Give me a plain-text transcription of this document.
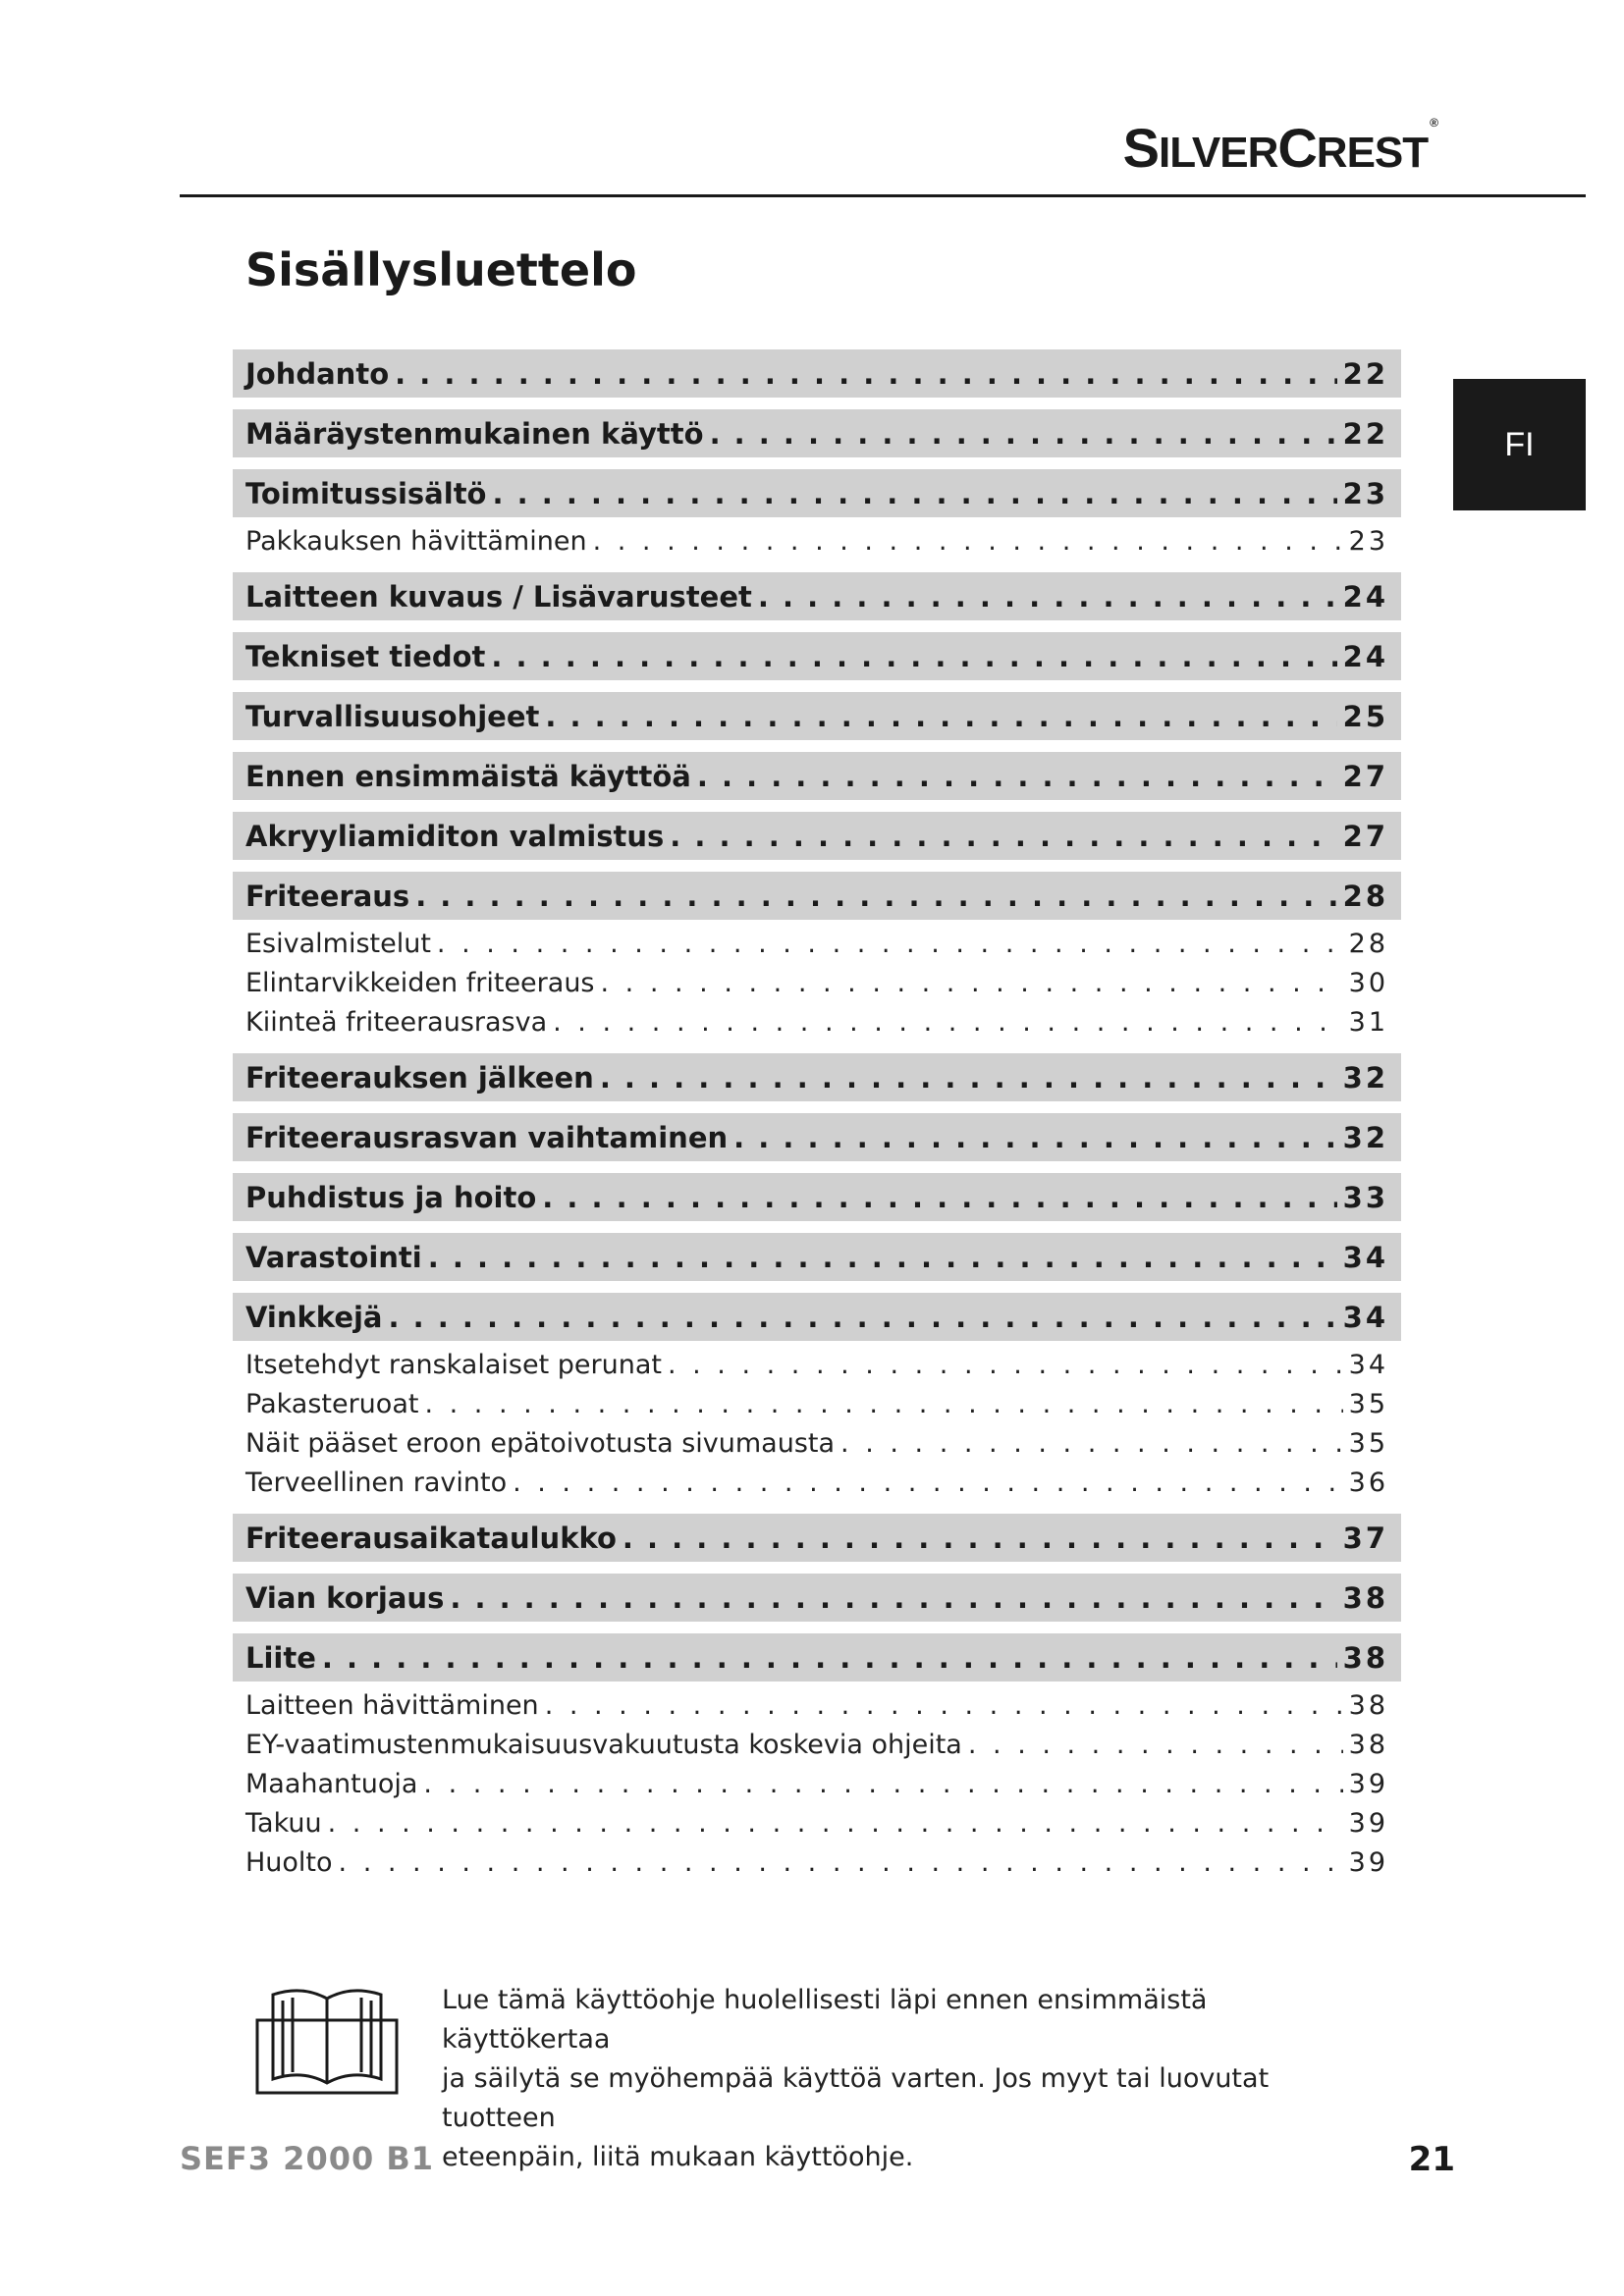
SILVERCREST®
FI
Sisällysluettelo
Johdanto . . .	22
Määräystenmukainen käyttö . . .	22
Toimitussisältö . . .	23
Pakkauksen hävittäminen . . .	23
Laitteen kuvaus / Lisävarusteet . . .	24
Tekniset tiedot . . .	24
Turvallisuusohjeet . . .	25
Ennen ensimmäistä käyttöä . . .	27
Akryyliamiditon valmistus . . .	27
Friteeraus . . .	28
Esivalmistelut . . .	28
Elintarvikkeiden friteeraus . . .	30
Kiinteä friteerausrasva . . .	31
Friteerauksen jälkeen . . .	32
Friteerausrasvan vaihtaminen . . .	32
Puhdistus ja hoito . . .	33
Varastointi . . .	34
Vinkkejä . . .	34
Itsetehdyt ranskalaiset perunat . . .	34
Pakasteruoat . . .	35
Näit pääset eroon epätoivotusta sivumausta . . .	35
Terveellinen ravinto . . .	36
Friteerausaikataulukko . . .	37
Vian korjaus . . .	38
Liite . . .	38
Laitteen hävittäminen . . .	38
EY-vaatimustenmukaisuusvakuutusta koskevia ohjeita . . .	38
Maahantuoja . . .	39
Takuu . . .	39
Huolto . . .	39
Lue tämä käyttöohje huolellisesti läpi ennen ensimmäistä käyttökertaa
ja säilytä se myöhempää käyttöä varten. Jos myyt tai luovutat tuotteen
eteenpäin, liitä mukaan käyttöohje.
SEF3 2000 B1	21
